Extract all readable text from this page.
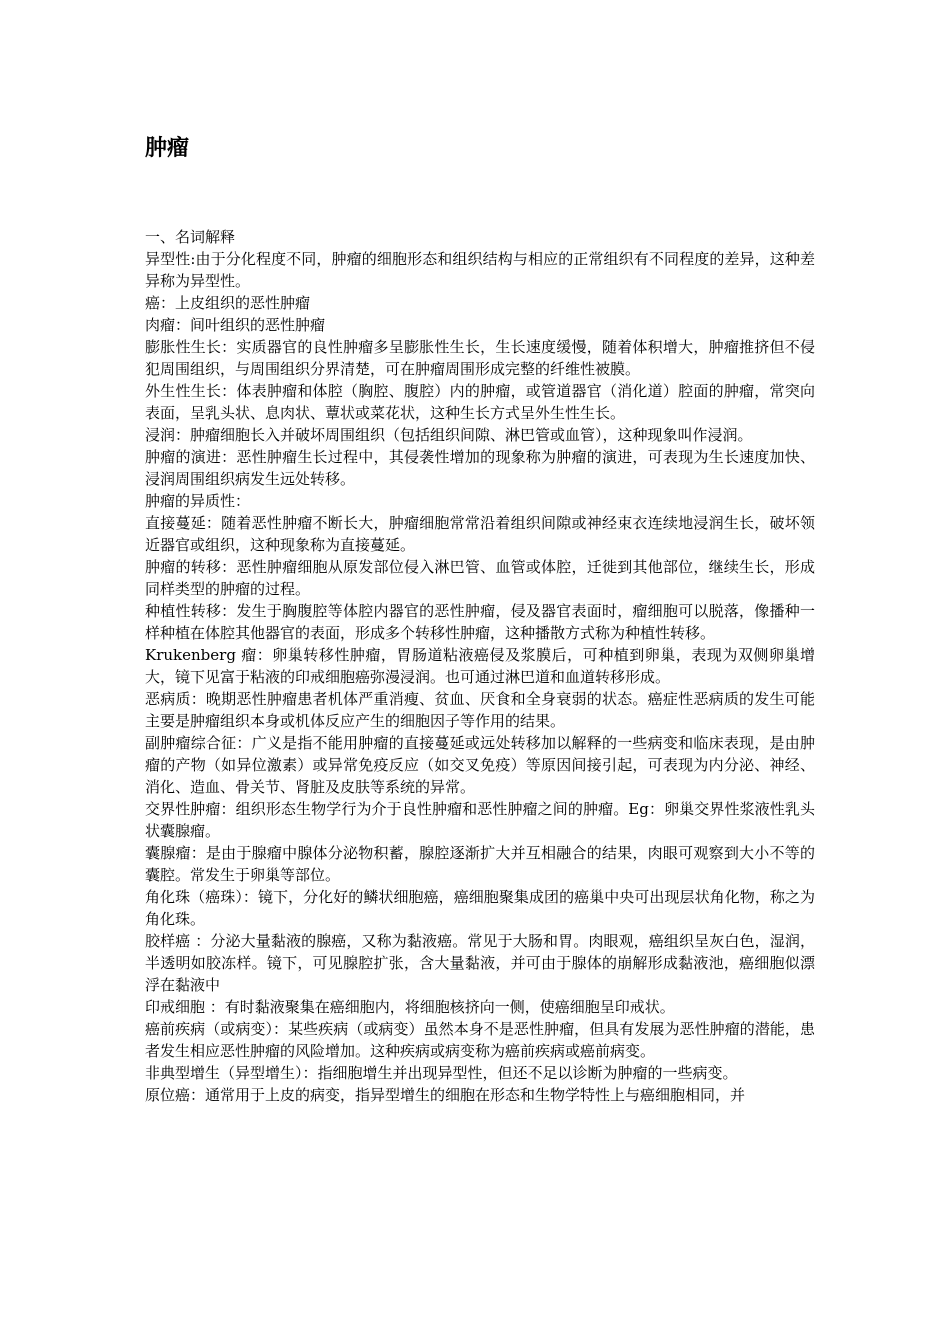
肿瘤

一、名词解释

异型性:由于分化程度不同，肿瘤的细胞形态和组织结构与相应的正常组织有不同程度的差异，这种差异称为异型性。

癌：上皮组织的恶性肿瘤

肉瘤：间叶组织的恶性肿瘤

膨胀性生长：实质器官的良性肿瘤多呈膨胀性生长，生长速度缓慢，随着体积增大，肿瘤推挤但不侵犯周围组织，与周围组织分界清楚，可在肿瘤周围形成完整的纤维性被膜。

外生性生长：体表肿瘤和体腔（胸腔、腹腔）内的肿瘤，或管道器官（消化道）腔面的肿瘤，常突向表面，呈乳头状、息肉状、蕈状或菜花状，这种生长方式呈外生性生长。

浸润：肿瘤细胞长入并破坏周围组织（包括组织间隙、淋巴管或血管），这种现象叫作浸润。

肿瘤的演进：恶性肿瘤生长过程中，其侵袭性增加的现象称为肿瘤的演进，可表现为生长速度加快、浸润周围组织病发生远处转移。

肿瘤的异质性：

直接蔓延：随着恶性肿瘤不断长大，肿瘤细胞常常沿着组织间隙或神经束衣连续地浸润生长，破坏领近器官或组织，这种现象称为直接蔓延。

肿瘤的转移：恶性肿瘤细胞从原发部位侵入淋巴管、血管或体腔，迁徙到其他部位，继续生长，形成同样类型的肿瘤的过程。

种植性转移：发生于胸腹腔等体腔内器官的恶性肿瘤，侵及器官表面时，瘤细胞可以脱落，像播种一样种植在体腔其他器官的表面，形成多个转移性肿瘤，这种播散方式称为种植性转移。

Krukenberg 瘤：卵巢转移性肿瘤，胃肠道粘液癌侵及浆膜后，可种植到卵巢，表现为双侧卵巢增大，镜下见富于粘液的印戒细胞癌弥漫浸润。也可通过淋巴道和血道转移形成。

恶病质：晚期恶性肿瘤患者机体严重消瘦、贫血、厌食和全身衰弱的状态。癌症性恶病质的发生可能主要是肿瘤组织本身或机体反应产生的细胞因子等作用的结果。

副肿瘤综合征：广义是指不能用肿瘤的直接蔓延或远处转移加以解释的一些病变和临床表现，是由肿瘤的产物（如异位激素）或异常免疫反应（如交叉免疫）等原因间接引起，可表现为内分泌、神经、消化、造血、骨关节、肾脏及皮肤等系统的异常。

交界性肿瘤：组织形态生物学行为介于良性肿瘤和恶性肿瘤之间的肿瘤。Eg：卵巢交界性浆液性乳头状囊腺瘤。

囊腺瘤：是由于腺瘤中腺体分泌物积蓄，腺腔逐渐扩大并互相融合的结果，肉眼可观察到大小不等的囊腔。常发生于卵巢等部位。

角化珠（癌珠）：镜下，分化好的鳞状细胞癌，癌细胞聚集成团的癌巢中央可出现层状角化物，称之为角化珠。

胶样癌 ：分泌大量黏液的腺癌，又称为黏液癌。常见于大肠和胃。肉眼观，癌组织呈灰白色，湿润，半透明如胶冻样。镜下，可见腺腔扩张，含大量黏液，并可由于腺体的崩解形成黏液池，癌细胞似漂浮在黏液中

印戒细胞 ：有时黏液聚集在癌细胞内，将细胞核挤向一侧，使癌细胞呈印戒状。

癌前疾病（或病变）：某些疾病（或病变）虽然本身不是恶性肿瘤，但具有发展为恶性肿瘤的潜能，患者发生相应恶性肿瘤的风险增加。这种疾病或病变称为癌前疾病或癌前病变。

非典型增生（异型增生）：指细胞增生并出现异型性，但还不足以诊断为肿瘤的一些病变。

原位癌：通常用于上皮的病变，指异型增生的细胞在形态和生物学特性上与癌细胞相同，并
